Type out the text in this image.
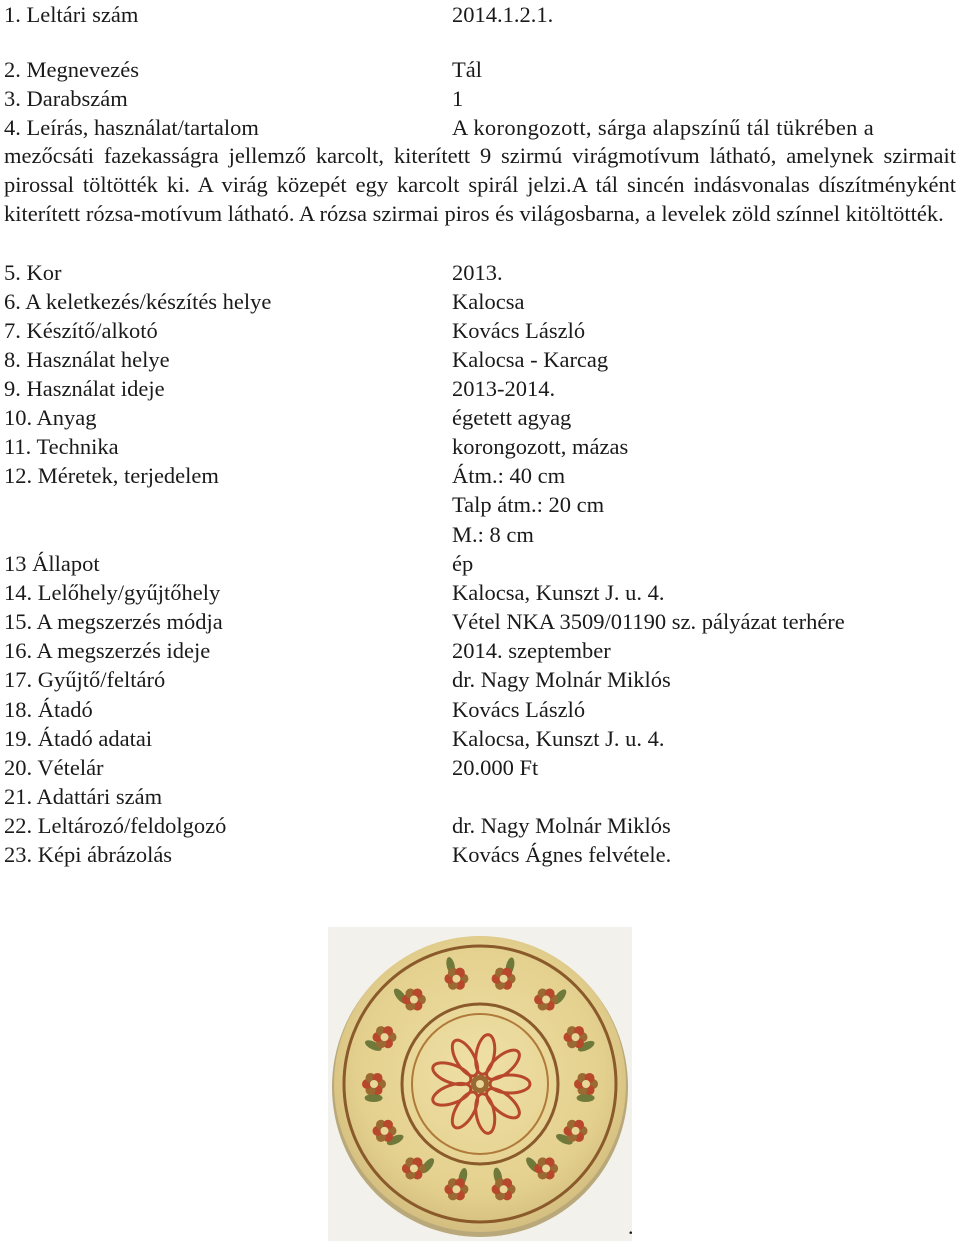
1. Leltári szám	2014.1.2.1.
2. Megnevezés	Tál
3. Darabszám	1
4. Leírás, használat/tartalom	A korongozott, sárga alapszínű tál tükrében a
mezőcsáti fazekasságra jellemző karcolt, kiterített 9 szirmú virágmotívum látható, amelynek szirmait pirossal töltötték ki. A virág közepét egy karcolt spirál jelzi.A tál sincén indásvonalas díszítményként kiterített rózsa-motívum látható. A rózsa szirmai piros és világosbarna, a levelek zöld színnel kitöltötték.
5. Kor	2013.
6. A keletkezés/készítés helye	Kalocsa
7. Készítő/alkotó	Kovács László
8. Használat helye	Kalocsa - Karcag
9. Használat ideje	2013-2014.
10. Anyag	égetett agyag
11. Technika	korongozott, mázas
12. Méretek, terjedelem	Átm.: 40 cm
Talp átm.: 20 cm
M.: 8 cm
13 Állapot	ép
14. Lelőhely/gyűjtőhely	Kalocsa, Kunszt J. u. 4.
15. A megszerzés módja	Vétel NKA 3509/01190 sz. pályázat terhére
16. A megszerzés ideje	2014. szeptember
17. Gyűjtő/feltáró	dr. Nagy Molnár Miklós
18. Átadó	Kovács László
19. Átadó adatai	Kalocsa, Kunszt J. u. 4.
20. Vételár	20.000 Ft
21. Adattári szám
22. Leltározó/feldolgozó	dr. Nagy Molnár Miklós
23. Képi ábrázolás	Kovács Ágnes felvétele.
.
